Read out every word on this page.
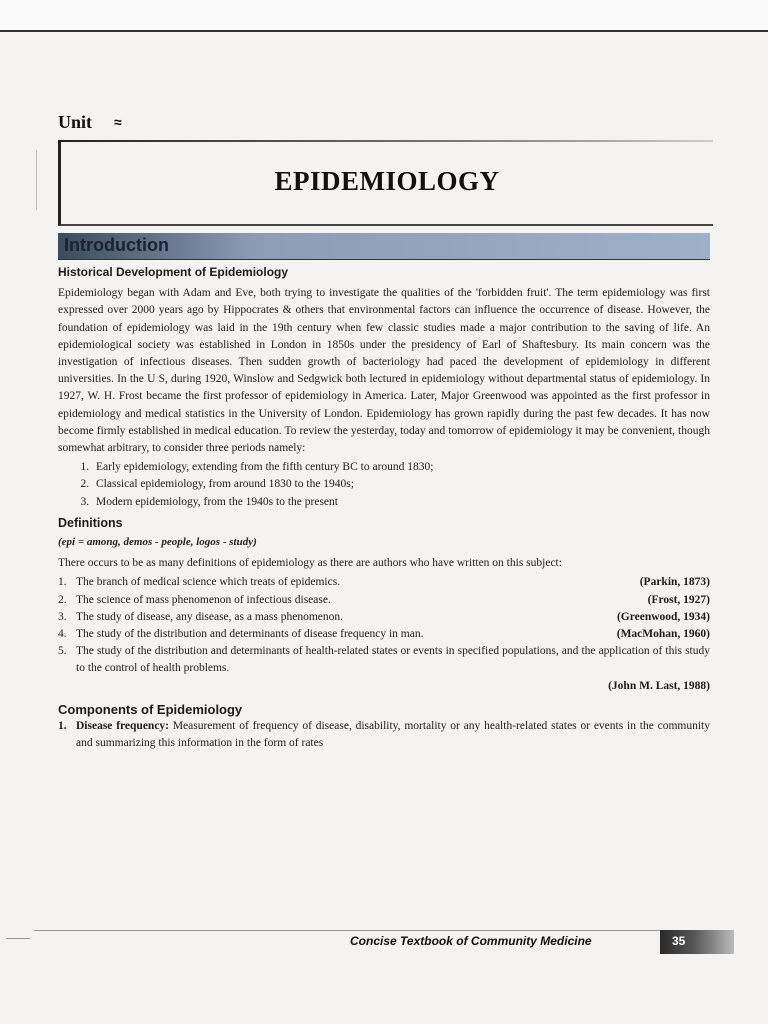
Unit ≈
EPIDEMIOLOGY
Introduction
Historical Development of Epidemiology
Epidemiology began with Adam and Eve, both trying to investigate the qualities of the 'forbidden fruit'. The term epidemiology was first expressed over 2000 years ago by Hippocrates & others that environmental factors can influence the occurrence of disease. However, the foundation of epidemiology was laid in the 19th century when few classic studies made a major contribution to the saving of life. An epidemiological society was established in London in 1850s under the presidency of Earl of Shaftesbury. Its main concern was the investigation of infectious diseases. Then sudden growth of bacteriology had paced the development of epidemiology in different universities. In the U S, during 1920, Winslow and Sedgwick both lectured in epidemiology without departmental status of epidemiology. In 1927, W. H. Frost became the first professor of epidemiology in America. Later, Major Greenwood was appointed as the first professor in epidemiology and medical statistics in the University of London. Epidemiology has grown rapidly during the past few decades. It has now become firmly established in medical education. To review the yesterday, today and tomorrow of epidemiology it may be convenient, though somewhat arbitrary, to consider three periods namely:
1. Early epidemiology, extending from the fifth century BC to around 1830;
2. Classical epidemiology, from around 1830 to the 1940s;
3. Modern epidemiology, from the 1940s to the present
Definitions
(epi = among, demos - people, logos - study)
There occurs to be as many definitions of epidemiology as there are authors who have written on this subject:
1. The branch of medical science which treats of epidemics.	(Parkin, 1873)
2. The science of mass phenomenon of infectious disease.	(Frost, 1927)
3. The study of disease, any disease, as a mass phenomenon.	(Greenwood, 1934)
4. The study of the distribution and determinants of disease frequency in man.	(MacMohan, 1960)
5. The study of the distribution and determinants of health-related states or events in specified populations, and the application of this study to the control of health problems.
(John M. Last, 1988)
Components of Epidemiology
1. Disease frequency: Measurement of frequency of disease, disability, mortality or any health-related states or events in the community and summarizing this information in the form of rates
Concise Textbook of Community Medicine	35
